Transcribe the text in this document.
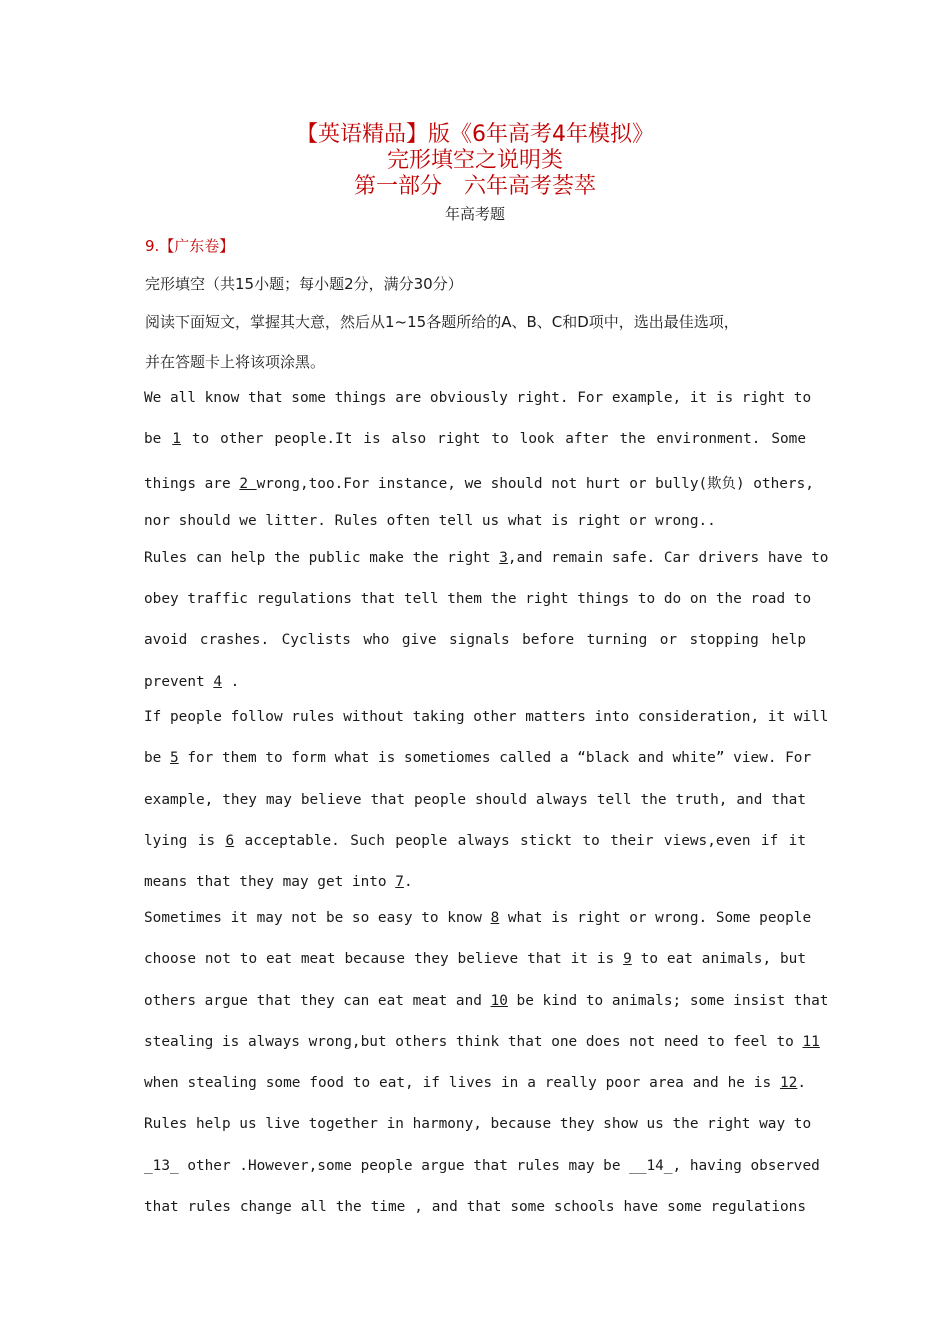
【英语精品】版《6年高考4年模拟》
完形填空之说明类
第一部分　六年高考荟萃
年高考题
9.【广东卷】
完形填空（共15小题；每小题2分，满分30分）
阅读下面短文，掌握其大意，然后从1~15各题所给的A、B、C和D项中，选出最佳选项，
并在答题卡上将该项涂黑。
We all know that some things are obviously right. For example, it is right to
be 1 to other people.It is also right to look after the environment. Some
things are 2 wrong,too.For instance, we should not hurt or bully(欺负) others,
nor should we litter. Rules often tell us what is right or wrong..
Rules can help the public make the right 3,and remain safe. Car drivers have to
obey traffic regulations that tell them the right things to do on the road to
avoid crashes. Cyclists who give signals before turning or stopping help
prevent 4 .
If people follow rules without taking other matters into consideration, it will
be 5 for them to form what is sometiomes called a “black and white” view. For
example, they may believe that people should always tell the truth, and that
lying is 6 acceptable. Such people always stickt to their views,even if it
means that they may get into 7.
Sometimes it may not be so easy to know 8 what is right or wrong. Some people
choose not to eat meat because they believe that it is 9 to eat animals, but
others argue that they can eat meat and 10 be kind to animals; some insist that
stealing is always wrong,but others think that one does not need to feel to 11
when stealing some food to eat, if lives in a really poor area and he is 12.
Rules help us live together in harmony, because they show us the right way to
_13_ other .However,some people argue that rules may be __14_, having observed
that rules change all the time , and that some schools have some regulations
